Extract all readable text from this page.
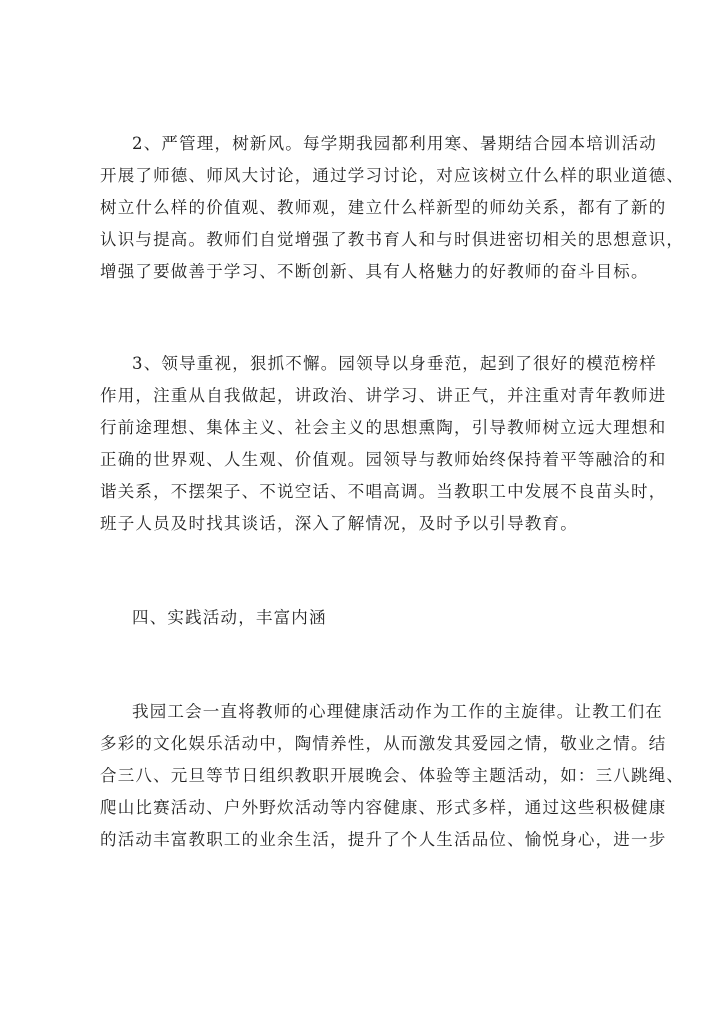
2、严管理，树新风。每学期我园都利用寒、暑期结合园本培训活动
开展了师德、师风大讨论，通过学习讨论，对应该树立什么样的职业道德、
树立什么样的价值观、教师观，建立什么样新型的师幼关系，都有了新的
认识与提高。教师们自觉增强了教书育人和与时俱进密切相关的思想意识，
增强了要做善于学习、不断创新、具有人格魅力的好教师的奋斗目标。
3、领导重视，狠抓不懈。园领导以身垂范，起到了很好的模范榜样
作用，注重从自我做起，讲政治、讲学习、讲正气，并注重对青年教师进
行前途理想、集体主义、社会主义的思想熏陶，引导教师树立远大理想和
正确的世界观、人生观、价值观。园领导与教师始终保持着平等融洽的和
谐关系，不摆架子、不说空话、不唱高调。当教职工中发展不良苗头时，
班子人员及时找其谈话，深入了解情况，及时予以引导教育。
四、实践活动，丰富内涵
我园工会一直将教师的心理健康活动作为工作的主旋律。让教工们在
多彩的文化娱乐活动中，陶情养性，从而激发其爱园之情，敬业之情。结
合三八、元旦等节日组织教职开展晚会、体验等主题活动，如：三八跳绳、
爬山比赛活动、户外野炊活动等内容健康、形式多样，通过这些积极健康
的活动丰富教职工的业余生活，提升了个人生活品位、愉悦身心，进一步
